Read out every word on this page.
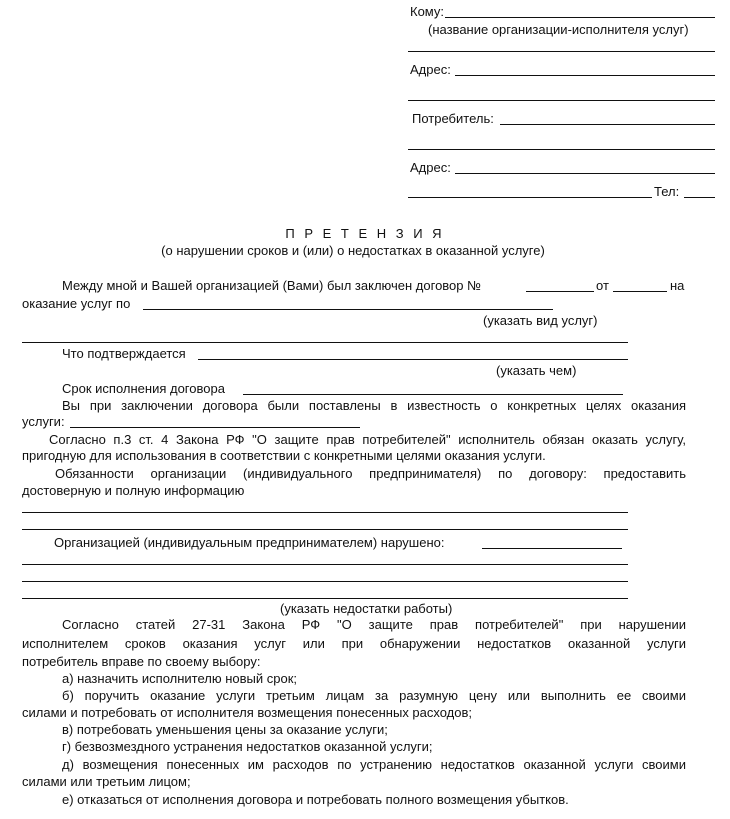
Кому:
(название организации-исполнителя услуг)
Адрес:
Потребитель:
Адрес:
Тел:
П Р Е Т Е Н З И Я
(о нарушении сроков и (или) о недостатках в оказанной услуге)
Между мной и Вашей организацией (Вами) был заключен договор №	от	на
оказание услуг по
(указать вид услуг)
Что подтверждается
(указать чем)
Срок исполнения договора
Вы при заключении договора были поставлены в известность о конкретных целях оказания
услуги:
Согласно п.3 ст. 4 Закона РФ "О защите прав потребителей" исполнитель обязан оказать услугу,
пригодную для использования в соответствии с конкретными целями оказания услуги.
Обязанности организации (индивидуального предпринимателя) по договору: предоставить
достоверную и полную информацию
Организацией (индивидуальным предпринимателем) нарушено:
(указать недостатки работы)
Согласно статей 27-31 Закона РФ "О защите прав потребителей" при нарушении
исполнителем сроков оказания услуг или при обнаружении недостатков оказанной услуги
потребитель вправе по своему выбору:
а) назначить исполнителю новый срок;
б) поручить оказание услуги третьим лицам за разумную цену или выполнить ее своими
силами и потребовать от исполнителя возмещения понесенных расходов;
в) потребовать уменьшения цены за оказание услуги;
г) безвозмездного устранения недостатков оказанной услуги;
д) возмещения понесенных им расходов по устранению недостатков оказанной услуги своими
силами или третьим лицом;
е) отказаться от исполнения договора и потребовать полного возмещения убытков.
